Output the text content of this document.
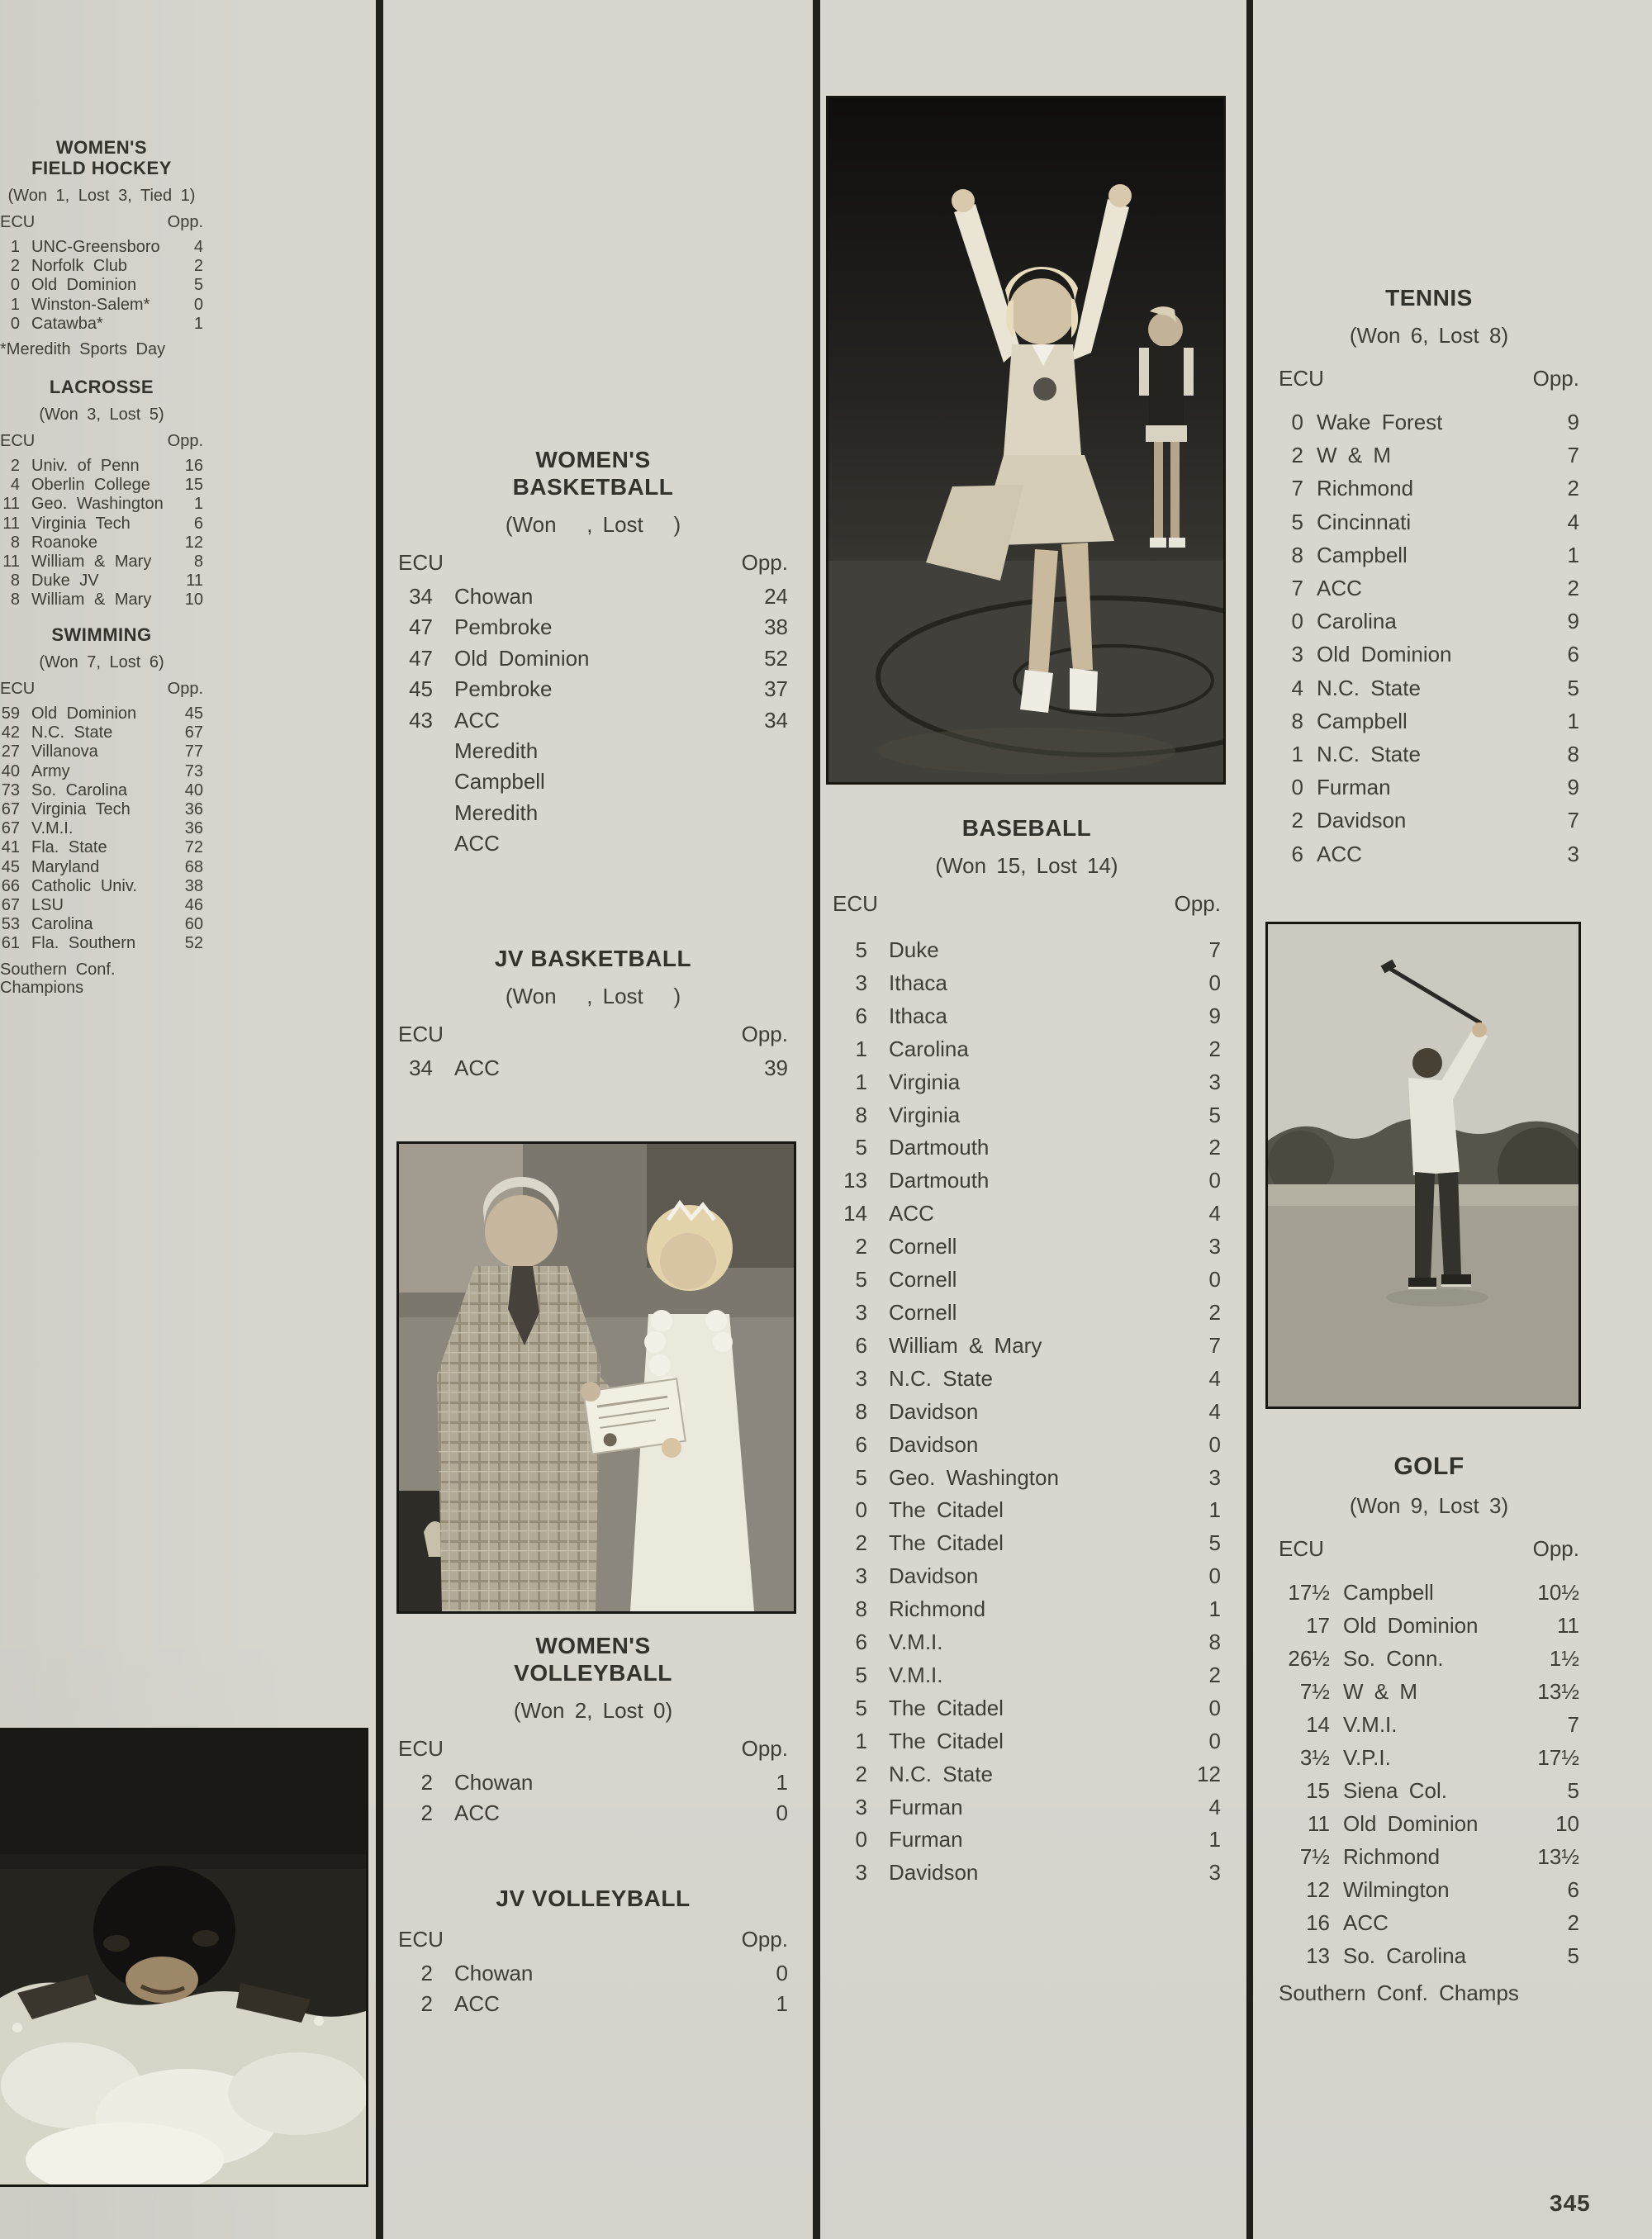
WOMEN'S
FIELD HOCKEY
(Won 1, Lost 3, Tied 1)
ECU	Opp.
1 UNC-Greensboro	4
2 Norfolk Club	2
0 Old Dominion	5
1 Winston-Salem*	0
0 Catawba*	1
*Meredith Sports Day
LACROSSE
(Won 3, Lost 5)
ECU	Opp.
2 Univ. of Penn	16
4 Oberlin College	15
11 Geo. Washington	1
11 Virginia Tech	6
8 Roanoke	12
11 William & Mary	8
8 Duke JV	11
8 William & Mary	10
SWIMMING
(Won 7, Lost 6)
ECU	Opp.
59 Old Dominion	45
42 N.C. State	67
27 Villanova	77
40 Army	73
73 So. Carolina	40
67 Virginia Tech	36
67 V.M.I.	36
41 Fla. State	72
45 Maryland	68
66 Catholic Univ.	38
67 LSU	46
53 Carolina	60
61 Fla. Southern	52
Southern Conf. Champions
WOMEN'S
BASKETBALL
(Won   , Lost   )
ECU	Opp.
34 Chowan	24
47 Pembroke	38
47 Old Dominion	52
45 Pembroke	37
43 ACC	34
Meredith
Campbell
Meredith
ACC
JV BASKETBALL
(Won   , Lost   )
ECU	Opp.
34 ACC	39
WOMEN'S
VOLLEYBALL
(Won 2, Lost 0)
ECU	Opp.
2 Chowan	1
2 ACC	0
JV VOLLEYBALL
ECU	Opp.
2 Chowan	0
2 ACC	1
BASEBALL
(Won 15, Lost 14)
ECU	Opp.
5 Duke	7
3 Ithaca	0
6 Ithaca	9
1 Carolina	2
1 Virginia	3
8 Virginia	5
5 Dartmouth	2
13 Dartmouth	0
14 ACC	4
2 Cornell	3
5 Cornell	0
3 Cornell	2
6 William & Mary	7
3 N.C. State	4
8 Davidson	4
6 Davidson	0
5 Geo. Washington	3
0 The Citadel	1
2 The Citadel	5
3 Davidson	0
8 Richmond	1
6 V.M.I.	8
5 V.M.I.	2
5 The Citadel	0
1 The Citadel	0
2 N.C. State	12
3 Furman	4
0 Furman	1
3 Davidson	3
TENNIS
(Won 6, Lost 8)
ECU	Opp.
0 Wake Forest	9
2 W & M	7
7 Richmond	2
5 Cincinnati	4
8 Campbell	1
7 ACC	2
0 Carolina	9
3 Old Dominion	6
4 N.C. State	5
8 Campbell	1
1 N.C. State	8
0 Furman	9
2 Davidson	7
6 ACC	3
GOLF
(Won 9, Lost 3)
ECU	Opp.
17½ Campbell	10½
17 Old Dominion	11
26½ So. Conn.	1½
7½ W & M	13½
14 V.M.I.	7
3½ V.P.I.	17½
15 Siena Col.	5
11 Old Dominion	10
7½ Richmond	13½
12 Wilmington	6
16 ACC	2
13 So. Carolina	5
Southern Conf. Champs
345
